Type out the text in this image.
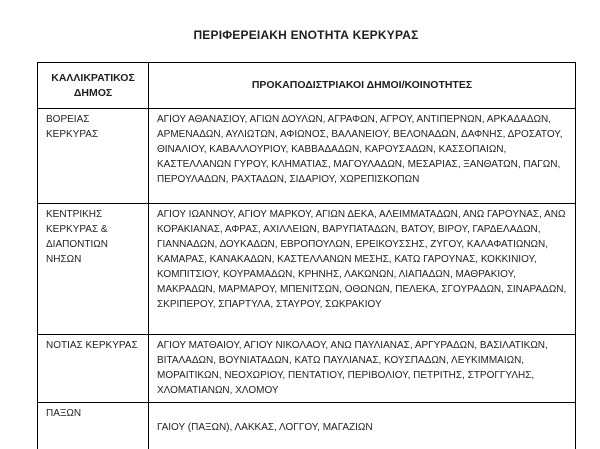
ΠΕΡΙΦΕΡΕΙΑΚΗ ΕΝΟΤΗΤΑ ΚΕΡΚΥΡΑΣ
ΚΑΛΛΙΚΡΑΤΙΚΟΣ ΔΗΜΟΣ	ΠΡΟΚΑΠΟΔΙΣΤΡΙΑΚΟΙ ΔΗΜΟΙ/ΚΟΙΝΟΤΗΤΕΣ
ΒΟΡΕΙΑΣ ΚΕΡΚΥΡΑΣ	ΑΓΙΟΥ ΑΘΑΝΑΣΙΟΥ, ΑΓΙΩΝ ΔΟΥΛΩΝ, ΑΓΡΑΦΩΝ, ΑΓΡΟΥ, ΑΝΤΙΠΕΡΝΩΝ, ΑΡΚΑΔΑΔΩΝ, ΑΡΜΕΝΑΔΩΝ, ΑΥΛΙΩΤΩΝ, ΑΦΙΩΝΟΣ, ΒΑΛΑΝΕΙΟΥ, ΒΕΛΟΝΑΔΩΝ, ΔΑΦΝΗΣ, ΔΡΟΣΑΤΟΥ, ΘΙΝΑΛΙΟΥ, ΚΑΒΑΛΛΟΥΡΙΟΥ, ΚΑΒΒΑΔΑΔΩΝ, ΚΑΡΟΥΣΑΔΩΝ, ΚΑΣΣΟΠΑΙΩΝ, ΚΑΣΤΕΛΛΑΝΩΝ ΓΥΡΟΥ, ΚΛΗΜΑΤΙΑΣ, ΜΑΓΟΥΛΑΔΩΝ, ΜΕΣΑΡΙΑΣ, ΞΑΝΘΑΤΩΝ, ΠΑΓΩΝ, ΠΕΡΟΥΛΑΔΩΝ, ΡΑΧΤΑΔΩΝ, ΣΙΔΑΡΙΟΥ, ΧΩΡΕΠΙΣΚΟΠΩΝ
ΚΕΝΤΡΙΚΗΣ ΚΕΡΚΥΡΑΣ & ΔΙΑΠΟΝΤΙΩΝ ΝΗΣΩΝ	ΑΓΙΟΥ ΙΩΑΝΝΟΥ, ΑΓΙΟΥ ΜΑΡΚΟΥ, ΑΓΙΩΝ ΔΕΚΑ, ΑΛΕΙΜΜΑΤΑΔΩΝ, ΑΝΩ ΓΑΡΟΥΝΑΣ, ΑΝΩ ΚΟΡΑΚΙΑΝΑΣ, ΑΦΡΑΣ, ΑΧΙΛΛΕΙΩΝ, ΒΑΡΥΠΑΤΑΔΩΝ, ΒΑΤΟΥ, ΒΙΡΟΥ, ΓΑΡΔΕΛΑΔΩΝ, ΓΙΑΝΝΑΔΩΝ, ΔΟΥΚΑΔΩΝ, ΕΒΡΟΠΟΥΛΩΝ, ΕΡΕΙΚΟΥΣΣΗΣ, ΖΥΓΟΥ, ΚΑΛΑΦΑΤΙΩΝΩΝ, ΚΑΜΑΡΑΣ, ΚΑΝΑΚΑΔΩΝ, ΚΑΣΤΕΛΛΑΝΩΝ ΜΕΣΗΣ, ΚΑΤΩ ΓΑΡΟΥΝΑΣ, ΚΟΚΚΙΝΙΟΥ, ΚΟΜΠΙΤΣΙΟΥ, ΚΟΥΡΑΜΑΔΩΝ, ΚΡΗΝΗΣ, ΛΑΚΩΝΩΝ, ΛΙΑΠΑΔΩΝ, ΜΑΘΡΑΚΙΟΥ, ΜΑΚΡΑΔΩΝ, ΜΑΡΜΑΡΟΥ, ΜΠΕΝΙΤΣΩΝ, ΟΘΩΝΩΝ, ΠΕΛΕΚΑ, ΣΓΟΥΡΑΔΩΝ, ΣΙΝΑΡΑΔΩΝ, ΣΚΡΙΠΕΡΟΥ, ΣΠΑΡΤΥΛΑ, ΣΤΑΥΡΟΥ, ΣΩΚΡΑΚΙΟΥ
ΝΟΤΙΑΣ ΚΕΡΚΥΡΑΣ	ΑΓΙΟΥ ΜΑΤΘΑΙΟΥ, ΑΓΙΟΥ ΝΙΚΟΛΑΟΥ, ΑΝΩ ΠΑΥΛΙΑΝΑΣ, ΑΡΓΥΡΑΔΩΝ, ΒΑΣΙΛΑΤΙΚΩΝ, ΒΙΤΑΛΑΔΩΝ, ΒΟΥΝΙΑΤΑΔΩΝ, ΚΑΤΩ ΠΑΥΛΙΑΝΑΣ, ΚΟΥΣΠΑΔΩΝ, ΛΕΥΚΙΜΜΑΙΩΝ, ΜΟΡΑΙΤΙΚΩΝ, ΝΕΟΧΩΡΙΟΥ, ΠΕΝΤΑΤΙΟΥ, ΠΕΡΙΒΟΛΙΟΥ, ΠΕΤΡΙΤΗΣ, ΣΤΡΟΓΓΥΛΗΣ, ΧΛΟΜΑΤΙΑΝΩΝ, ΧΛΟΜΟΥ
ΠΑΞΩΝ	ΓΑΙΟΥ (ΠΑΞΩΝ), ΛΑΚΚΑΣ, ΛΟΓΓΟΥ, ΜΑΓΑΖΙΩΝ
